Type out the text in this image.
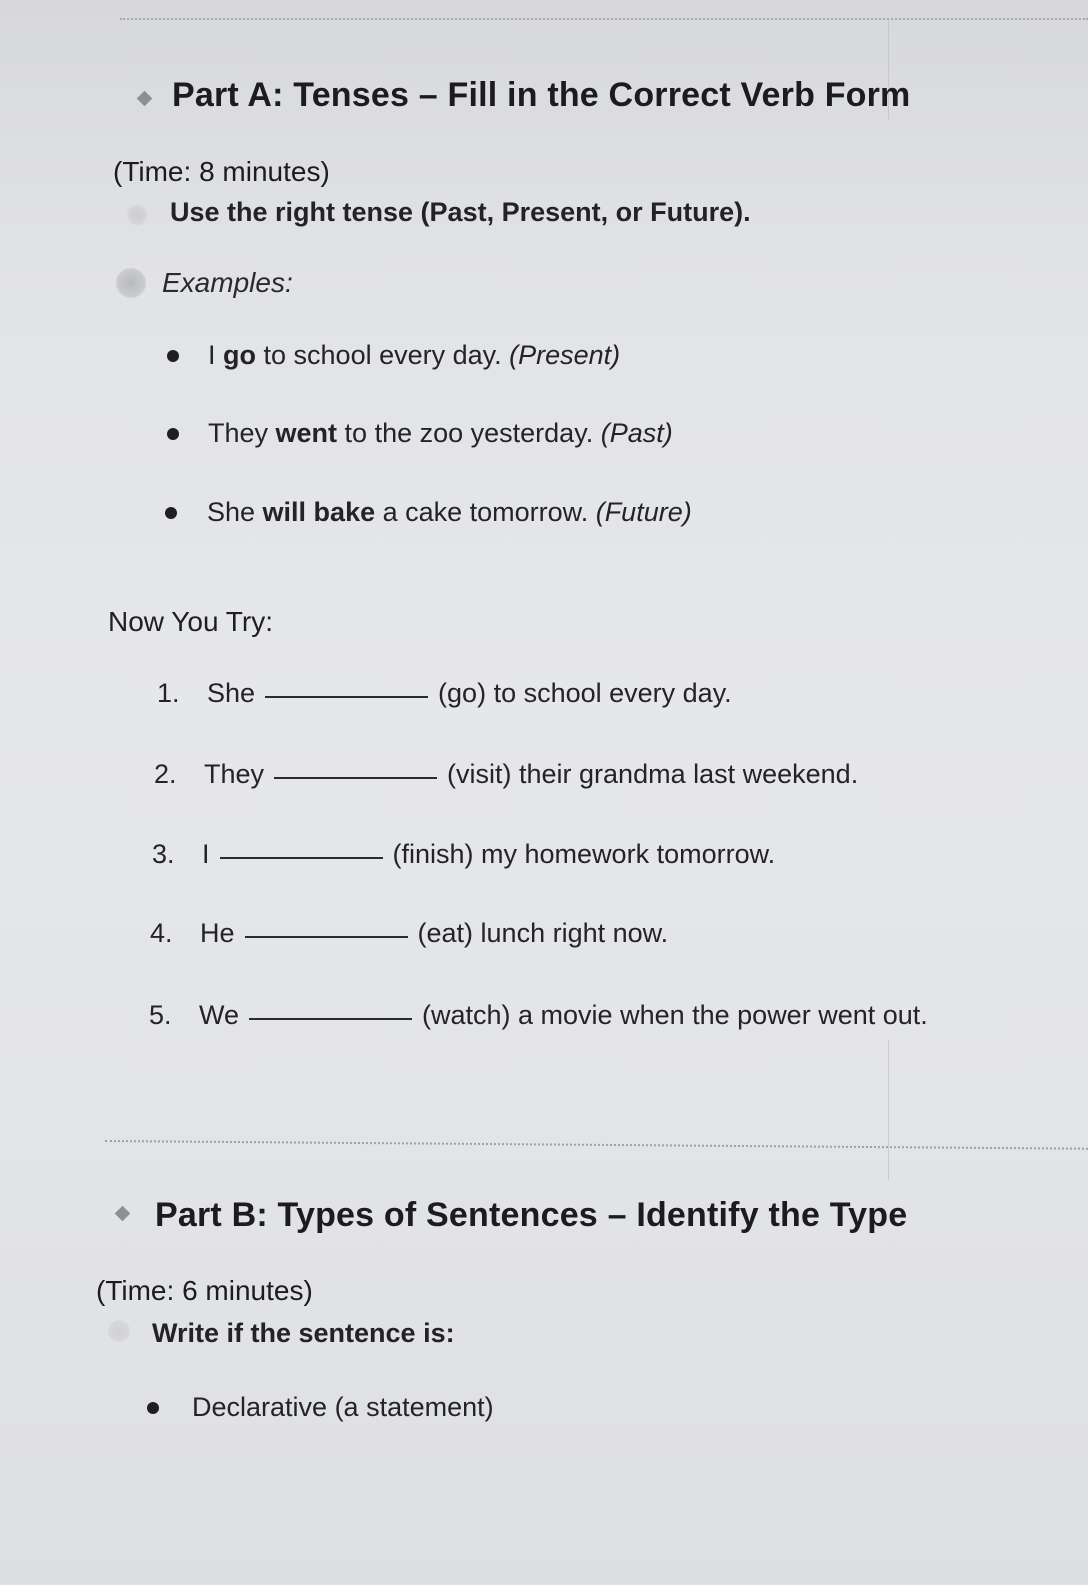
Part A: Tenses – Fill in the Correct Verb Form
(Time: 8 minutes)
Use the right tense (Past, Present, or Future).
Examples:
I go to school every day. (Present)
They went to the zoo yesterday. (Past)
She will bake a cake tomorrow. (Future)
Now You Try:
1.	She	(go) to school every day.
2.	They	(visit) their grandma last weekend.
3.	I	(finish) my homework tomorrow.
4.	He	(eat) lunch right now.
5.	We	(watch) a movie when the power went out.
Part B: Types of Sentences – Identify the Type
(Time: 6 minutes)
Write if the sentence is:
Declarative (a statement)
